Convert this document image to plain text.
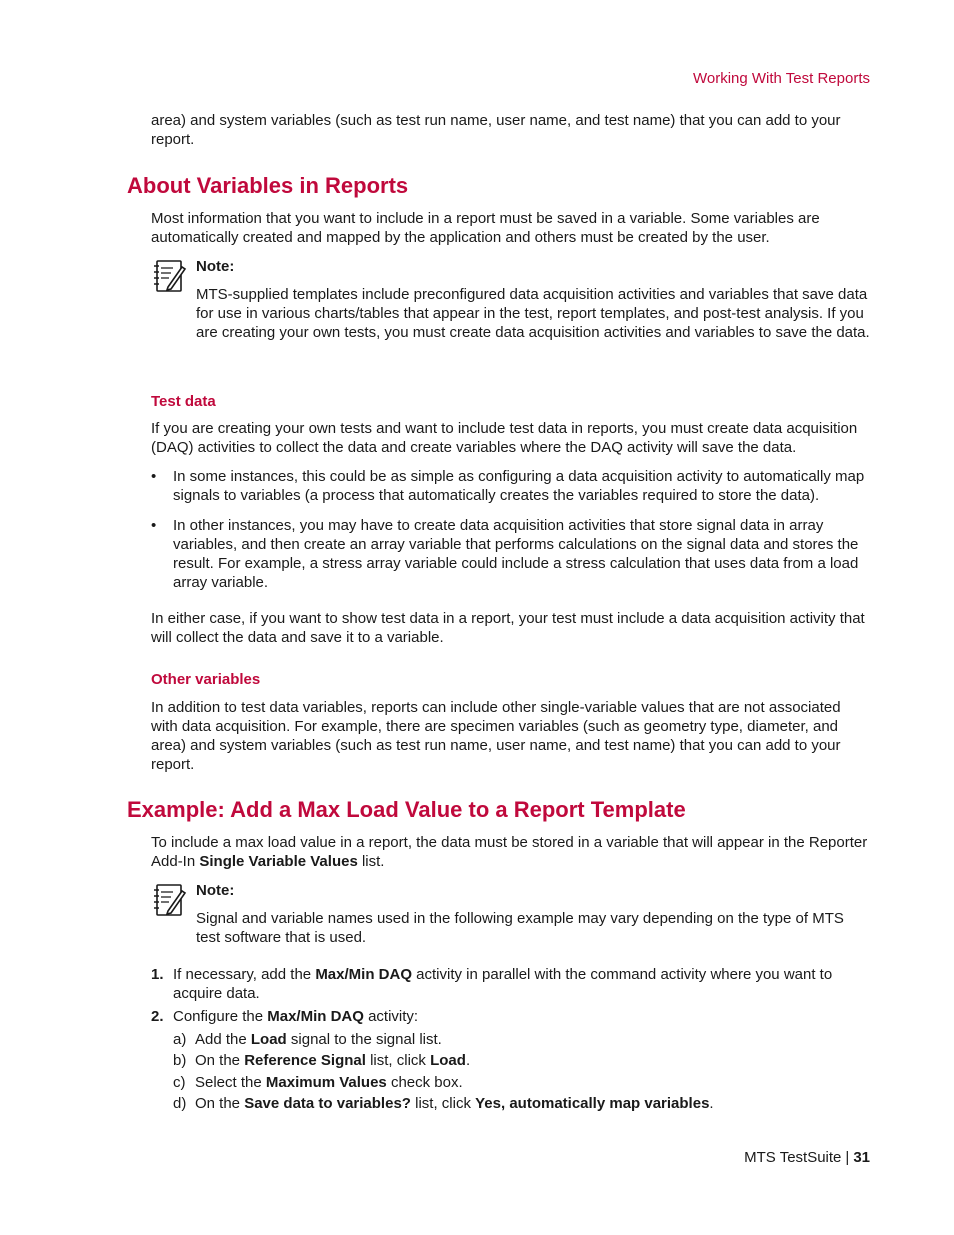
Working With Test Reports
area) and system variables (such as test run name, user name, and test name) that you can add to your report.
About Variables in Reports
Most information that you want to include in a report must be saved in a variable. Some variables are automatically created and mapped by the application and others must be created by the user.
Note:
MTS-supplied templates include preconfigured data acquisition activities and variables that save data for use in various charts/tables that appear in the test, report templates, and post-test analysis. If you are creating your own tests, you must create data acquisition activities and variables to save the data.
Test data
If you are creating your own tests and want to include test data in reports, you must create data acquisition (DAQ) activities to collect the data and create variables where the DAQ activity will save the data.
• In some instances, this could be as simple as configuring a data acquisition activity to automatically map signals to variables (a process that automatically creates the variables required to store the data).
• In other instances, you may have to create data acquisition activities that store signal data in array variables, and then create an array variable that performs calculations on the signal data and stores the result. For example, a stress array variable could include a stress calculation that uses data from a load array variable.
In either case, if you want to show test data in a report, your test must include a data acquisition activity that will collect the data and save it to a variable.
Other variables
In addition to test data variables, reports can include other single-variable values that are not associated with data acquisition. For example, there are specimen variables (such as geometry type, diameter, and area) and system variables (such as test run name, user name, and test name) that you can add to your report.
Example: Add a Max Load Value to a Report Template
To include a max load value in a report, the data must be stored in a variable that will appear in the Reporter Add-In Single Variable Values list.
Note:
Signal and variable names used in the following example may vary depending on the type of MTS test software that is used.
1. If necessary, add the Max/Min DAQ activity in parallel with the command activity where you want to acquire data.
2. Configure the Max/Min DAQ activity:
a) Add the Load signal to the signal list.
b) On the Reference Signal list, click Load.
c) Select the Maximum Values check box.
d) On the Save data to variables? list, click Yes, automatically map variables.
MTS TestSuite | 31
